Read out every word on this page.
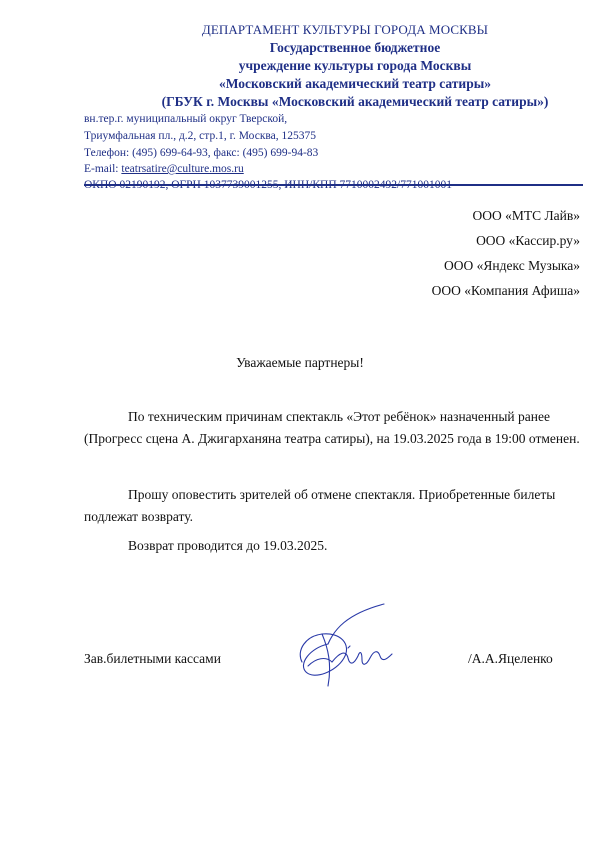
ДЕПАРТАМЕНТ КУЛЬТУРЫ ГОРОДА МОСКВЫ
Государственное бюджетное
учреждение культуры города Москвы
«Московский академический театр сатиры»
(ГБУК г. Москвы «Московский академический театр сатиры»)
вн.тер.г. муниципальный округ Тверской,
Триумфальная пл., д.2, стр.1, г. Москва, 125375
Телефон: (495) 699-64-93, факс: (495) 699-94-83
E-mail: teatrsatire@culture.mos.ru
ООО «МТС Лайв»
ООО «Кассир.ру»
ООО «Яндекс Музыка»
ООО «Компания Афиша»
Уважаемые партнеры!
По техническим причинам спектакль «Этот ребёнок» назначенный ранее (Прогресс сцена А. Джигарханяна театра сатиры), на 19.03.2025 года в 19:00 отменен.
Прошу оповестить зрителей об отмене спектакля. Приобретенные билеты подлежат возврату.
Возврат проводится до 19.03.2025.
Зав.билетными кассами	/А.А.Яцеленко
